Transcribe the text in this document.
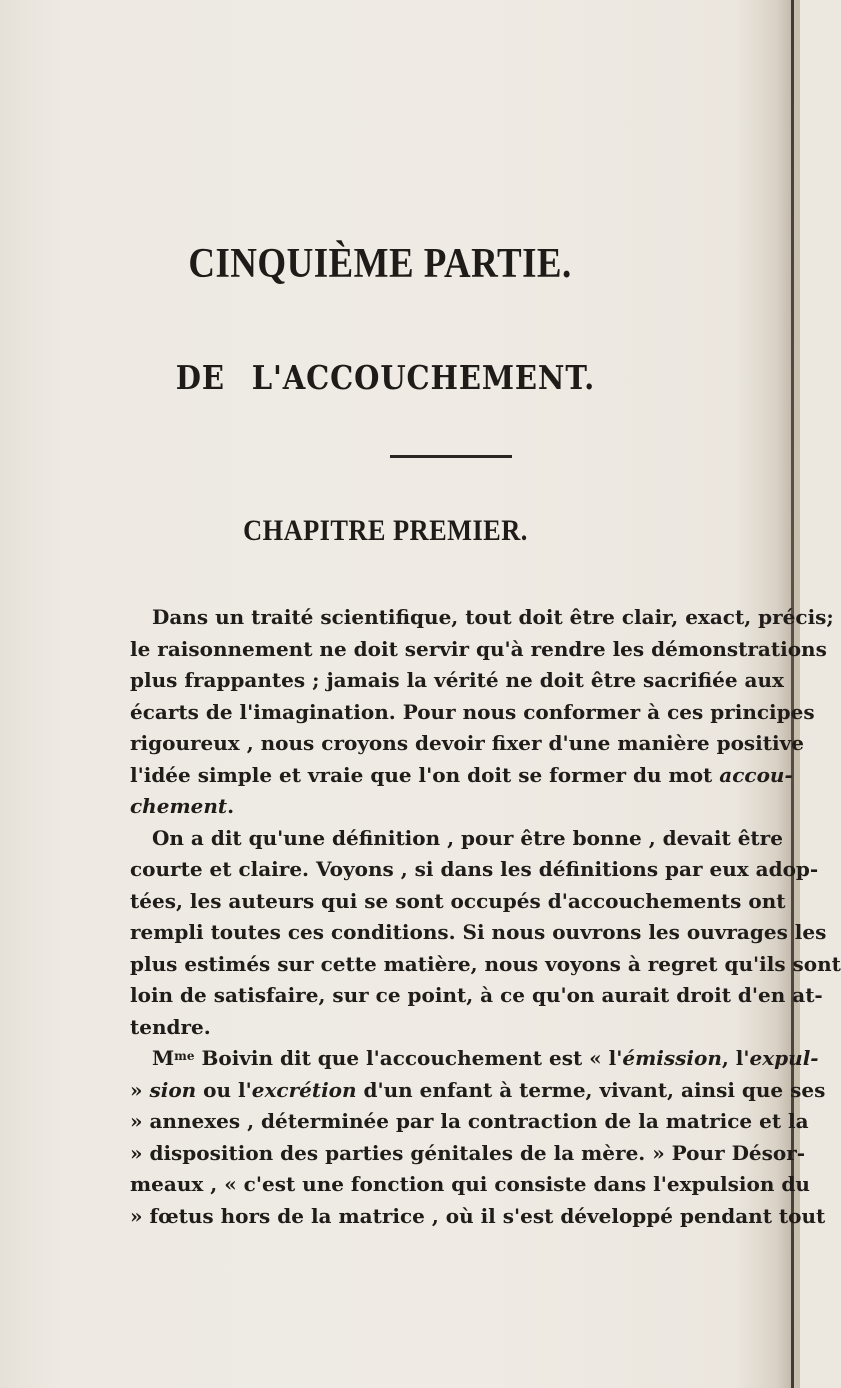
CINQUIÈME PARTIE.
DE L'ACCOUCHEMENT.
CHAPITRE PREMIER.
Dans un traité scientifique, tout doit être clair, exact, précis;
le raisonnement ne doit servir qu'à rendre les démonstrations
plus frappantes ; jamais la vérité ne doit être sacrifiée aux
écarts de l'imagination. Pour nous conformer à ces principes
rigoureux , nous croyons devoir fixer d'une manière positive
l'idée simple et vraie que l'on doit se former du mot accou-
chement.
On a dit qu'une définition , pour être bonne , devait être
courte et claire. Voyons , si dans les définitions par eux adop-
tées, les auteurs qui se sont occupés d'accouchements ont
rempli toutes ces conditions. Si nous ouvrons les ouvrages les
plus estimés sur cette matière, nous voyons à regret qu'ils sont
loin de satisfaire, sur ce point, à ce qu'on aurait droit d'en at-
tendre.
$M^{me}$ Boivin dit que l'accouchement est « l'émission, l'expul-
» sion ou l'excrétion d'un enfant à terme, vivant, ainsi que ses
» annexes , déterminée par la contraction de la matrice et la
» disposition des parties génitales de la mère. » Pour Désor-
meaux , « c'est une fonction qui consiste dans l'expulsion du
» fœtus hors de la matrice , où il s'est développé pendant tout
